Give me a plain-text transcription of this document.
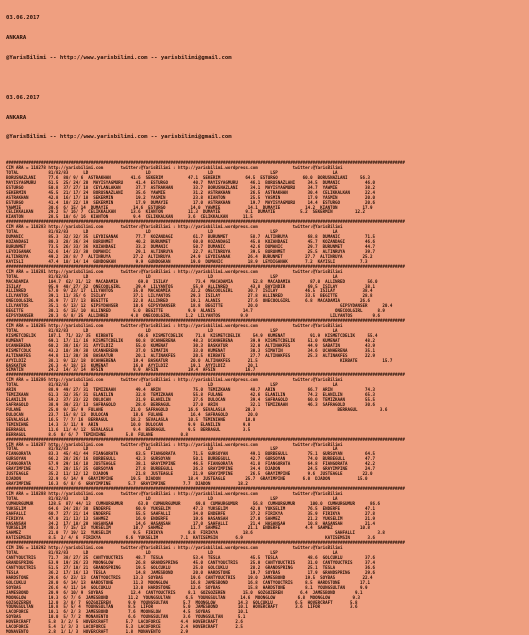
03.06.2017

ANKARA

@YarisBilimi -- http://www.yarisbilimi.com -- yarisbilimi@gmail.com

03.06.2017

ANKARA

@YarisBilimi -- http://www.yarisbilimi.com -- yarisbilimi@gmail.com

################################################################################################################################################################
CIM ARA = 110278 http://yarisbilimi.com       twitter:@YarisBilimi : http://yarisbilimi.wordpress.com              twitter:@YarisBilimi
TOTAL            81/82/83      LD                       LD                       LD                       LSP                      LA
BORUSNAZLANI     77.6  80/ 9/ 6  ASTRAKHAN        41.6  SEKERIM          47.1  SEKERIM          64.5  ESTURGO          60.0  BORUSNAZLANI     56.3
MAYISYAGMURU     61.5  25/ 24/ 20  MAYISYAGMURU     41.4  ESTURGO          40.7  MAYISYAGMURU     46.1  BORUSNAZLANI     34.5  DUMANIC          46.0
ESTURGO          50.8  37/ 27/ 18  CEYLANLAKAN      37.7  ASTRAKHAN        33.7  BORUSNAZLANI     34.1  MAYISYAGMURU     34.7  YAWMIE           38.2
SEKERMIN         45.5  21/ 17/ 24  BORUSNAZLANI     35.6  YAWMIE           31.2  ASTRAKHAN        26.5  ASTRAKHAN        30.4  CELIKKALKAN      22.4
ASTRAKHAN        42.8  16/ 17/ 18  SEKERMIN         19.2  YASMIN           23.8  KIANTON          25.5  YASMIN           17.9  YASMIN           20.0
ESTURGO          41.4  10/ 22/ 19  SEKERMIN         17.9  DUMAYIE          17.0  ASTRAKHAN        19.7  MAYISYAGMURU     14.4  ESTURGO          20.6
YAWMIE           30.6  6/ 15/ 14  DUMAYIE          14.6  ESTURGO          14.0  YAWMIE           14.1  DUMAYIE          14.2  KIANTON          17.9
CELIKKALKAN      29.2  5/ 16/ 7  CELIKKALKAN      13.6  KIANTON          11.3  DUMAYIE          9.1  DUMAYIE          5.2  SEKERMIN         12.2
KIANTON          28.5  10/ 6/ 16  KIANTON          9.4  CELIKKALKAN      3.6  CELIKKALKAN      11.5
################################################################################################################################################################
CIM ARA = 110283 http://yarisbilimi.com       twitter:@YarisBilimi : http://yarisbilimi.wordpress.com              twitter:@YarisBilimi
TOTAL            81/82/83      LD                       LD                       LD                       LSP                      LA
DUMANIC          85.3  32/ 32/ 35  LEYDIGANAK       77.7  KOZANDAGI        61.7  BURUNMET         58.7  ALTINRUYA        68.8  DUMANIC          71.5
KOZANDAGI        80.3  28/ 36/ 34  BURUNMET         40.2  BURUNMET         60.0  KOZANDAGI        45.8  KOZANDAGI        45.7  KOZANDAGI        46.6
BURUNMET         73.5  26/ 33/ 36  KOZANDAGI        33.2  DUMANIC          50.7  DUMANIC          42.6  DUMANIC          29.7  BURUNMET         44.7
LEYDIGANAK       62.6  14/ 23/ 30  DUMANIC          29.1  ALTINRUYA        22.7  ALTINRUYA        39.5  BURUNMET         25.5  ALTINRUYA        39.7
ALTINRUYA        49.2  28/ 8/ 7  ALTINRUYA         27.2  ALTINRUYA        24.9  LEYDIGANAK       26.4  BURUNMET         27.7  ALTINRUYA        25.2
KAYISLI          47.4  10/ 14/ 14  GUNDOGKAN        9.9  GUNDOGKAN        19.0  DUMANIC          18.9  LEYDIGANAK       7.2  KAYISLI          7.3
################################################################################################################################################################
CIM ARA = 110281 http://yarisbilimi.com       twitter:@YarisBilimi : http://yarisbilimi.wordpress.com              twitter:@YarisBilimi
TOTAL            81/82/83      LD                       LD                       LD                       LSP                      LA
MACADAMIA        104.7  62/ 31/ 12  MACADAMIA        69.0  ISILAY           73.4  MACADAMIA        52.8  MACADAMIA        87.0  ALLINRED         56.0
ISILAY           95.9  40/ 27/ 32  ONECOOLGIRL      39.4  LILYANTOS        55.9  ALLINRED         43.8  BAYINDIR         69.5  ISILAY           38.1
ALLINRED         57.0  9/ 23/ 17  LILYANTOS        35.0  MACADAMIA        32.2  ONECOOLGIRL      30.7  ISILAY           46.5  ISILAY           38.4
LILYANTOS        39.1  11/ 35/ 6  ISILAY           37.1  LILYANTOS        29.3  ISILAY           27.8  ALLINRED         33.5  BEGITTE          28.8
ONECOOLGIRL      36.9  7/ 17/ 13  BEGITTE          22.8  ALLINRED         19.1  ALANIS           27.6  ONECOOLGIRL      6.8  MACADAMIA        26.6
LILYANTOS        35.1  6/ 13/ 12  GIPSYDANSER      10.6  GIPSYDANSER      18.8  BEGITTE          20.0                                 GIPSYDANSER      20.4
BEGITTE          30.1  6/ 15/ 10  ALLINRED         5.0  BEGITTE          9.9  ALANIS           14.7                                 ONECOOLGIRL      8.9
GIPSYDANSER      20.3  6/ 8/ 25  ALLINRED         4.8  ONECOOLGIRL      1.2  LILYANTOS        9.9                                 LILYANTOS        9.6
################################################################################################################################################################
CIM ARA = 110285 http://yarisbilimi.com       twitter:@YarisBilimi : http://yarisbilimi.wordpress.com              twitter:@YarisBilimi
TOTAL            81/82/83      LD                       LD                       LD                       LSP                      LA
KISMETCDELIK     107.1  71/ 32/ 35  KIRBATE          66.6  KISMETCDELIK     71.8  KISMETCDELIK     54.9  KUMENAT          91.9  KISMETCDELIK     55.4
KUMENAT          69.1  17/ 11/ 16  KISMETCDELIK     60.8  UCANHERENA       48.3  UCANHERENA       39.9  KISMETCDELIK     51.0  KUMENAT          48.2
UCANHERENA       60.2  38/ 16/ 31  AYYILDIZ         55.0  KUMENAT          30.3  BASKATUR         32.0  ALTINAKFES       44.9  SABATIN          43.9
KISMETCDLK       43.2  10/ 39/ 38  UCANHERENA       37.0  SIMATIN          33.0  KUMENAT          30.3  SIMATIN          34.6  UCANHERENA       35.1
ALTINAKFES       44.8  11/ 30/ 36  BASKATUR         20.1  ALTINAKFES       20.5  KIRBATE          27.7  ALTINAKFES       25.3  ALTINAKFES       22.9
AYYILDIZ         38.1  9/ 12/ 18  UCANHERENA       19.4  BASKATUR         20.0  ALTINAKFES       21.5                                 KIRBATE          15.7
BASKATUR         26.3  4/ 18/ 13  KUMENAT          16.0  AYYILDIZ         19.1  AYYILDIZ         20.1
SIMATIN          24.2  14/ 3/ 14  AFSIN            9.9  AFSIN            19.4  AFSIN            16.7
################################################################################################################################################################
CIM ARA = 110286 http://yarisbilimi.com       twitter:@YarisBilimi : http://yarisbilimi.wordpress.com              twitter:@YarisBilimi
TOTAL            81/82/83      LD                       LD                       LD                       LSP                      LA
ARIN             88.9  49/ 27/ 31  TEMIZKAAN        49.4  ARIN             75.0  TEMIZKAAN        48.7  ARIN             66.7  ARIN             74.3
TEMIZKAAN        61.3  32/ 35/ 31  ELANILIN         32.8  TEMIZKAAN        55.8  FULANE           42.6  ELANILIN         74.2  ELANILIN         65.3
ELANILIN         59.2  37/ 23/ 22  DULOCAN          31.9  ELANILIN         27.6  DULOCAN          39.4  SAFRAGOLD        60.0  TEMIZKAAN        55.5
SAFRAGOLD        38.9  30/ 23/ 13  SAFRAGOLD        28.6  BERRAGUL         27.0  ARIN             32.1  TEMIZKAAN        46.3  SAFRAGOLD        30.6
FULANE           25.0  9/ 15/ 9  FULANE           21.0  SAFRAGOLD        16.6  SEVALASLA        20.3                                 BERRAGUL         3.6
DULOCAN          23.7  15/ 8/ 13  DULOCAN          18.6  FULANE           16.4  SAFRAGOLD        20.0
SEVALASLA        16.5  7/ 7/ 16  BERRAGUL         18.2  SEVALASLA        10.5  TEMINIHNE        10.0
TEMINIHNE        14.3  3/ 11/ 9  ARIN             10.0  DULOCAN          9.9  ELANILIN         9.0
BERRAGUL         11.6  11/ 4/ 12  SEVALASLA        9.4  BERRAGUL         9.5  BERRAGUL         3.5
BERRAGUL         8.6  0/ 6/ 7  TEMINIHNE        5.8  FULANE           0.8
################################################################################################################################################################
CIM ARA = 110287 http://yarisbilimi.com       twitter:@YarisBilimi : http://yarisbilimi.wordpress.com              twitter:@YarisBilimi
TOTAL            81/82/83      LD                       LD                       LD                       LSP                      LA
FIANGORATA       83.3  45/ 41/ 44  FIANGORATA       63.5  FIANGORATA       71.5  GURSOYAN         49.1  BURBEGULL        75.1  GURSOYAN         64.5
GURSOYAN         66.2  28/ 26/ 16  BURBEGULL        42.3  GURSOYAN         50.1  BURBEGULL        42.7  GURSOYAN         74.0  BURBEGULL        47.7
FIANGORATA       57.9  29/ 16/ 18  JUSTEAGLE        38.1  GRAYIMPINE       46.5  FIANGORATA       41.8  FIANGORATA       64.8  FIANGORATA       42.2
GRAYIMPINE       41.7  20/ 15/ 25  GURSOYAN         27.8  BURBEGULL        26.3  GRAYIMPINE       34.4  DJADON           24.5  GRAYIMPINE       24.7
JUSTEAGLE        35.2  11/ 12/ 12  DJADON           21.8  JUSTEAGLE        21.9  GRAYIMPINE       26.5  GRAYIMPINE       9.6  JUSTEAGLE        22.0
DJADON           32.9  6/ 14/ 9  GRAYIMPINE       19.5  DJADON           18.4  JUSTEAGLE        25.7  GRAYIMPINE       6.0  DJADON           15.0
GRAYIMPINE       16.3  6/ 8/ 6  GRAYIMPINE       5.7  GRAYIMPINE       7.7  DJADON           18.2
################################################################################################################################################################
CIM ARA = 110288 http://yarisbilimi.com       twitter:@YarisBilimi : http://yarisbilimi.wordpress.com              twitter:@YarisBilimi
TOTAL            81/82/83      LD                       LD                       LD                       LSP                      LA
CUMHURGUMUR      128.5  87/ 44/ 13  CUMHURGUMUR      63.0  CUMHURGUMUR      69.8  CUMHURGUMUR      56.8  CUMHURGUMUR      100.0  CUMHURGUMUR      86.6
YUKSELIM         64.6  24/ 28/ 30  ENDERFE          60.9  YUKSELIM         47.3  YUKSELIM         42.0  YUKSELIM         76.5  ENDERFE          47.1
SAHFALLI         60.7  27/ 21/ 14  ENDERFE          55.5  SAHFALLI         34.0  ENDERFE          37.2  FIRIKYA          35.9  FIRIKYA          27.8
FIRIKYA          47.0  21/ 13/ 13  SAHMEZ           16.9  ENDERFE          19.6  HASANSAH         27.0  SAHMEZ           21.2  YUKSELIM         21.9
HASANSAH         34.2  17/ 10/ 20  HASANSAH         14.6  HASANSAH         17.0  SAHFALLI         21.4  HASANSAH         10.8  HASANSAH         21.4
YUKSELIM         30.3  7/ 15/ 13  YUKSELIM         10.7  SAHMEZ           11.7  SAHMEZ           21.1  ENDERFE          4.4  SAHMEZ           10.8
SAHMEZ           21.0  7/ 19/ 12  YUKSELIM         9.5  FIRIKYA          8.8  FIRIKYA          18.6                                 SAHFALLI         3.8
KATISEMSIN       8.5  2/ 4/ 6  FIRIKYA          6.6  YUKSELIM         7.1  KATISEMSIN       6.9                                 KATISEMSIN       3.6
################################################################################################################################################################
CIM ING = 110292 http://yarisbilimi.com       twitter:@YarisBilimi : http://yarisbilimi.wordpress.com              twitter:@YarisBilimi
TOTAL            81/82/83      LD                       LD                       LD                       LSP                      LA
CANTYOUCTRIS     71.7  38/ 27/ 25  CANTYOUCTRIS     48.7  TESLA            53.4  TESLA            45.5  TESLA            48.6  GOLCUKLU         37.6
GRANDSPRING      53.9  19/ 26/ 23  MOONGLOW         26.8  GRANDSPRING      45.0  CANTYOUCTRIS     25.0  CANTYOUCTRIS     31.0  CANTYOUCTRIS     37.4
CANTYOUCTRIS     51.5  27/ 10/ 21  GRANDSPRING      19.5  GOLCUKLU         25.0  GOLCUKLU         28.2  GRANDSPRING      25.1  TESLA            36.6
TESLA            36.2  17/ 16/ 13  TESLA            14.8  JAMESBOND        20.0  HARDSTONE        19.7  SOYBAS           17.9  GRANDSPRING      29.6
HARDSTONE        29.6  6/ 23/ 13  CANTYOUCTRIS     13.3  SOYBAS           19.6  CANTYOUCTRIS     19.0  JAMESBOND        19.5  SOYBAS           22.4
GOLCUKLU         28.0  6/ 14/ 13  HARDSTONE        11.3  MOONGLOW         16.8  JAMESBOND        16.8  CANTYOUCTRIS     8.5  HARDSTONE        17.1
SOYBAS           26.6  4/ 11/ 14  GOLCUKLU         13.0  HARDSTONE        12.6  SOYBAS           15.8  HARDSTONE        8.1  YOUNGSULTAN      9.9
JAMESBOND        20.9  6/ 10/ 9  SOYBAS           12.4  CANTYOUCTRIS     8.1  GOZGOZEREN       15.0  GOZGOZEREN       6.4  JAMESBOND        9.1
MOONGLOW         19.3  6/ 7/ 6  JAMESBOND        11.2  YOUNGSULTAN      6.5  YOUNGSULTAN      14.6  MOONGLOW         6.8  MOONGLOW         9.3
GOZGOZEREN       12.0  3/ 8/ 7  GOZGOZEREN       9.9  YOUNGSULTAN      5.7  MOONGLOW         14.3  GOLCUKLU         6.5  HOVERCRAFT       5.8
YOUNGSULTAN      10.8  5/ 5/ 4  YOUNGSULTAN      8.5  LIFOR            5.0  JAMESBOND        10.1  HOVERCRAFT       3.6  LIFOR            3.6
LACOFORCE        10.1  6/ 2/ 3  JAMESBOND        7.6  MOONGLOW         4.5  SOYBAS           10.1
SOYBAS           10.0  5/ 7/ 2  MONAVENTO        6.6  YOUNGSULTAN      3.6  YOUNGSULTAN      5.1
HOVERCRAFT       5.8  3/ 2/ 5  HOVERCRAFT       5.7  LACOFORCE        4.4  HOVERCRAFT       2.6
LACOFORCE        5.4  1/ 3/ 3  LACOFORCE        5.3  LACOFORCE        2.4  HOVERCRAFT       2.5
MONAVENTO        2.8  1/ 1/ 3  HOVERCRAFT       1.8  MONAVENTO        2.9
